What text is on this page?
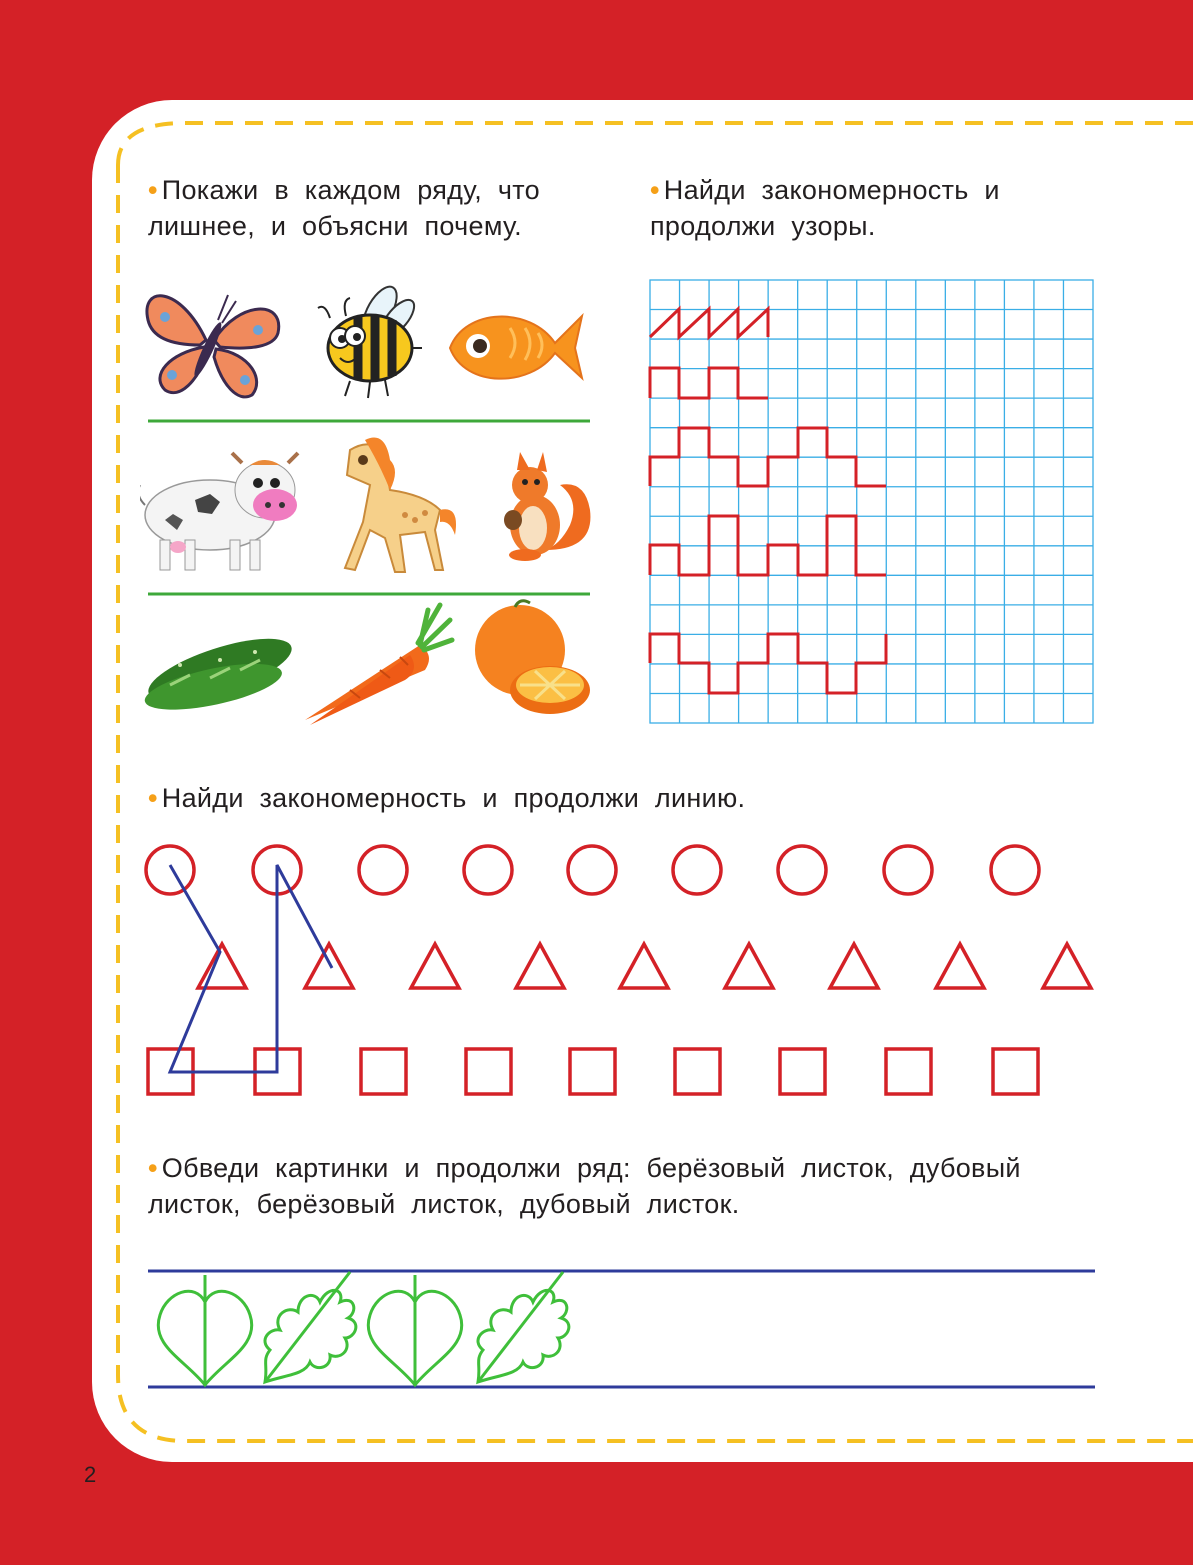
• Покажи в каждом ряду, что лишнее, и объясни почему.
• Найди закономерность и продолжи узоры.
• Найди закономерность и продолжи линию.
• Обведи картинки и продолжи ряд: берёзовый листок, дубовый листок, берёзовый листок, дубовый листок.
2
